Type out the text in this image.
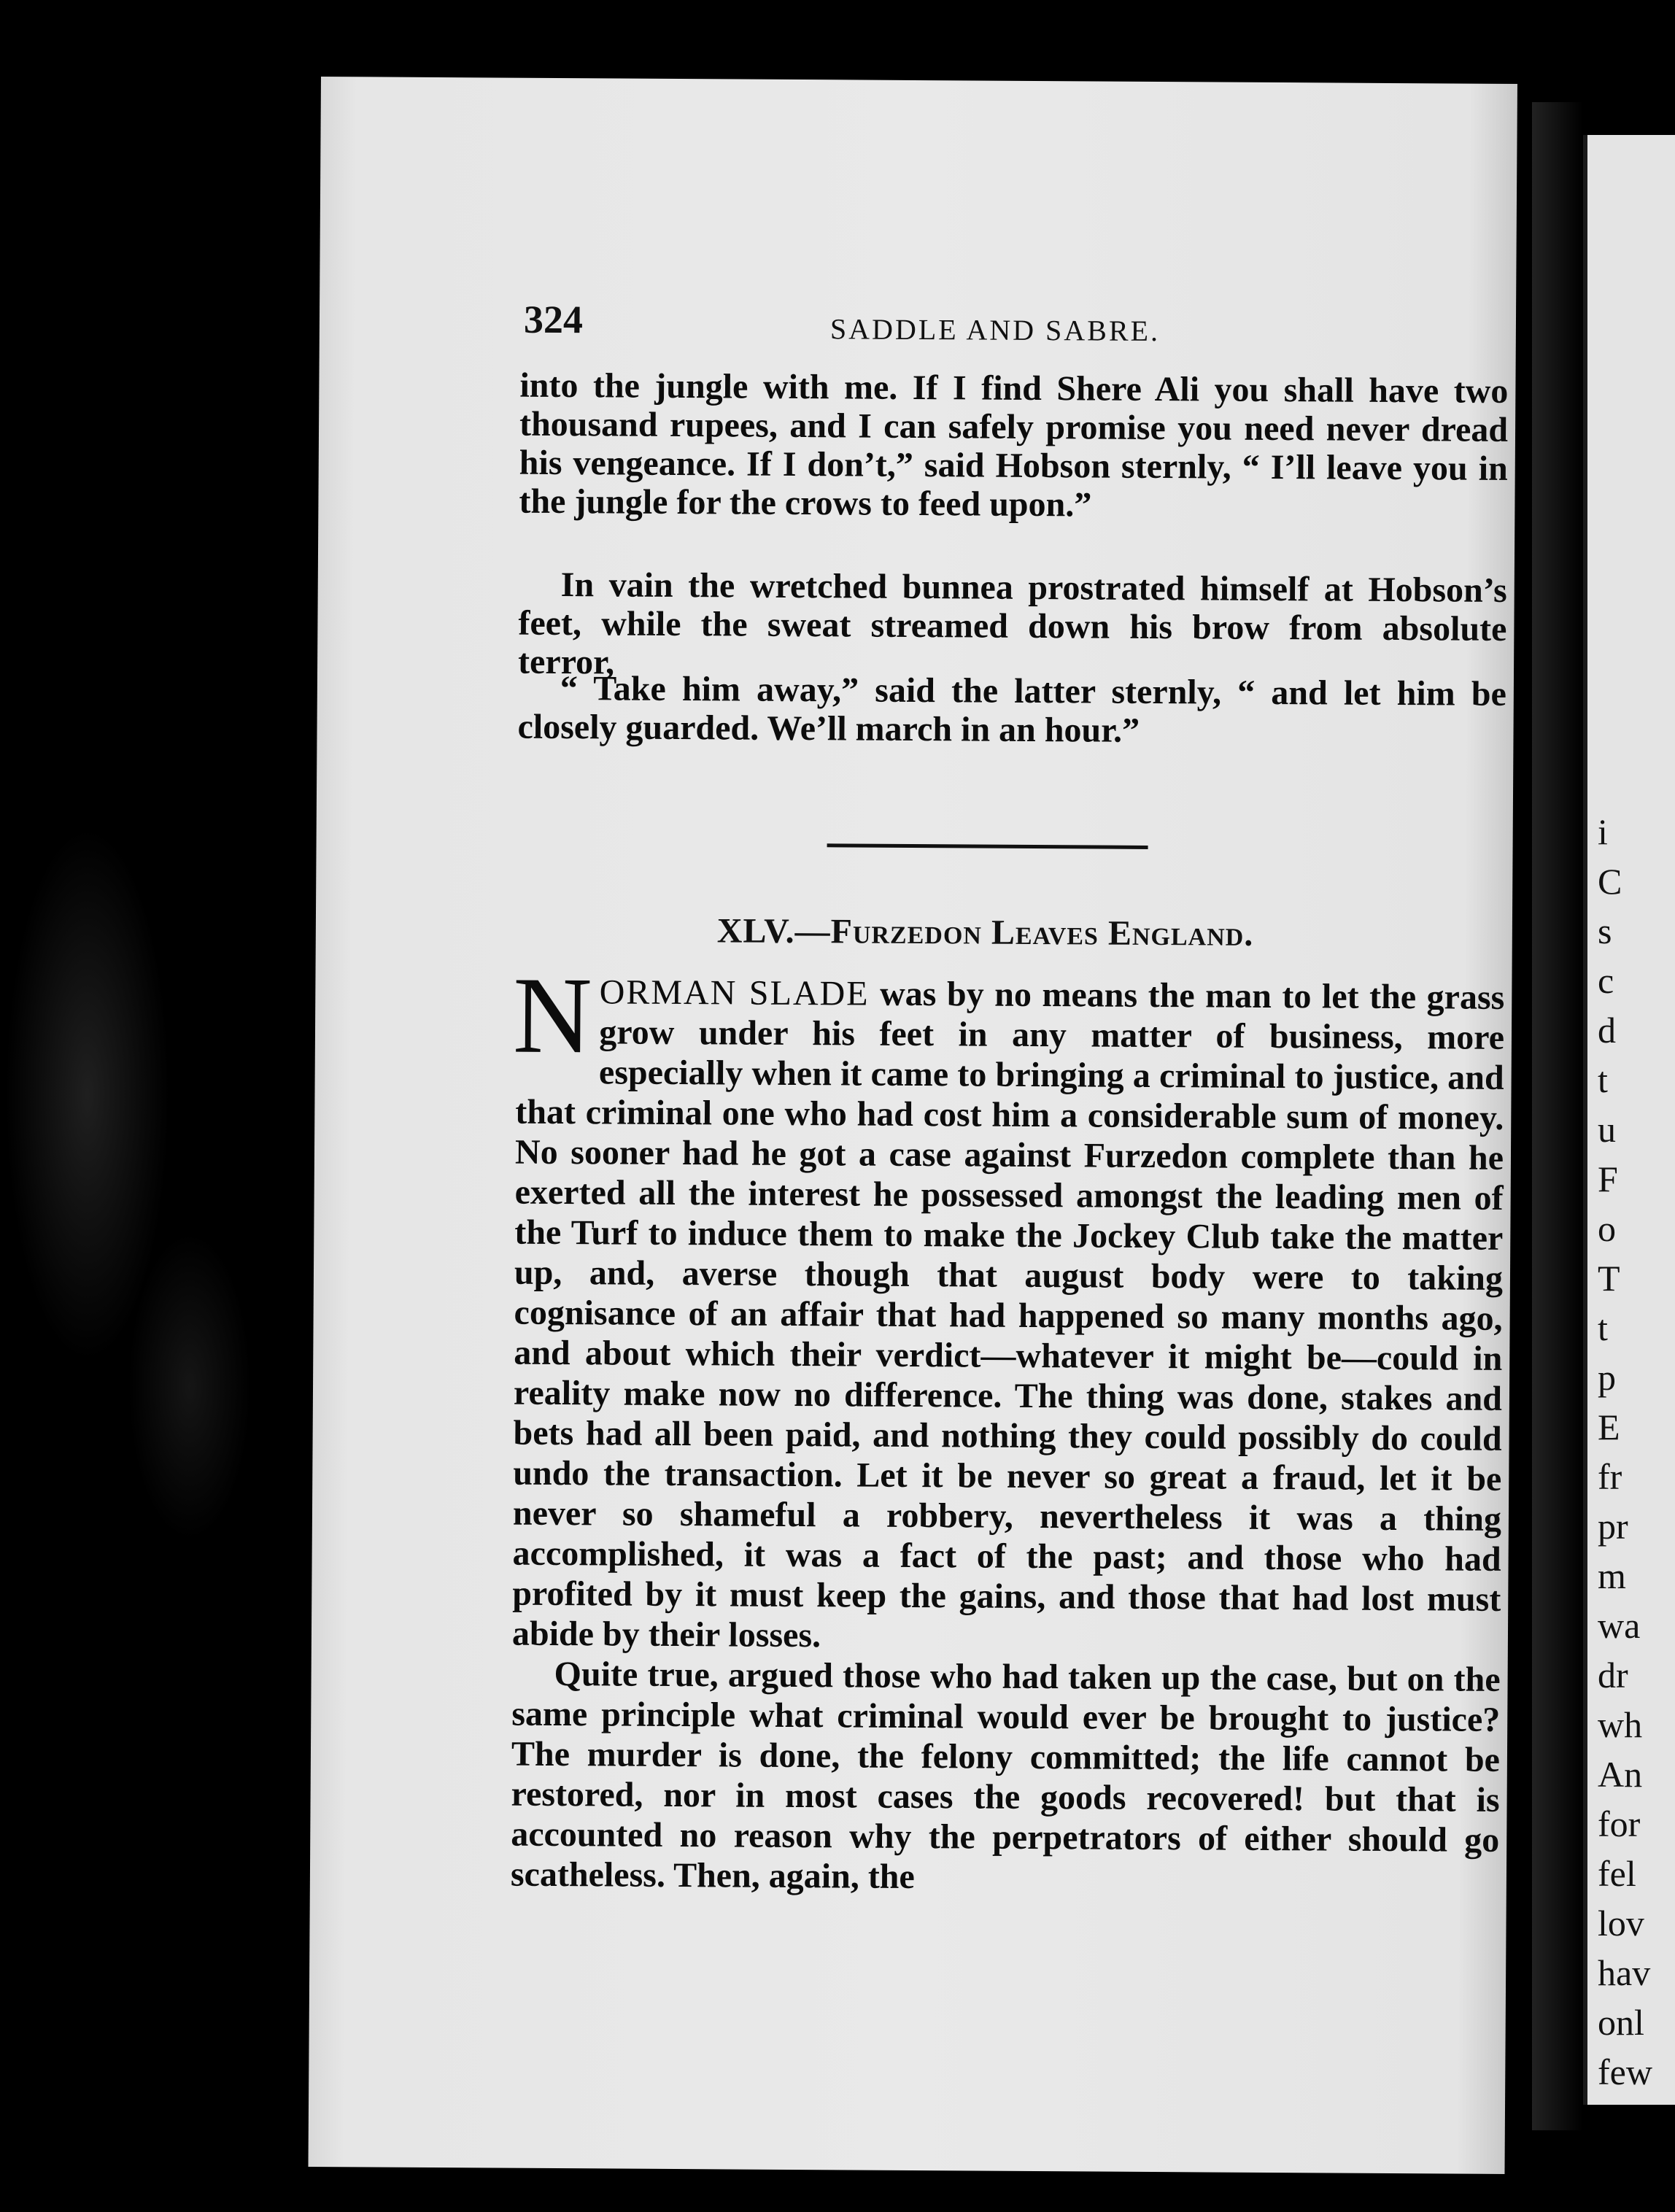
i
C
s
c
d
t
u
F
o
T
t
p
E
fr
pr
m
wa
dr
wh
An
for
fel
lov
hav
onl
few
324	SADDLE AND SABRE.

into the jungle with me. If I find Shere Ali you shall have two thousand rupees, and I can safely promise you need never dread his vengeance. If I don’t,” said Hobson sternly, “ I’ll leave you in the jungle for the crows to feed upon.”

In vain the wretched bunnea prostrated himself at Hobson’s feet, while the sweat streamed down his brow from absolute terror,

“ Take him away,” said the latter sternly, “ and let him be closely guarded. We’ll march in an hour.”

XLV.—Furzedon Leaves England.

NORMAN SLADE was by no means the man to let the grass grow under his feet in any matter of business, more especially when it came to bringing a criminal to justice, and that criminal one who had cost him a considerable sum of money. No sooner had he got a case against Furzedon complete than he exerted all the interest he possessed amongst the leading men of the Turf to induce them to make the Jockey Club take the matter up, and, averse though that august body were to taking cognisance of an affair that had happened so many months ago, and about which their verdict—whatever it might be—could in reality make now no difference. The thing was done, stakes and bets had all been paid, and nothing they could possibly do could undo the transaction. Let it be never so great a fraud, let it be never so shameful a robbery, nevertheless it was a thing accomplished, it was a fact of the past; and those who had profited by it must keep the gains, and those that had lost must abide by their losses.

Quite true, argued those who had taken up the case, but on the same principle what criminal would ever be brought to justice? The murder is done, the felony committed; the life cannot be restored, nor in most cases the goods recovered! but that is accounted no reason why the perpetrators of either should go scatheless. Then, again, the
